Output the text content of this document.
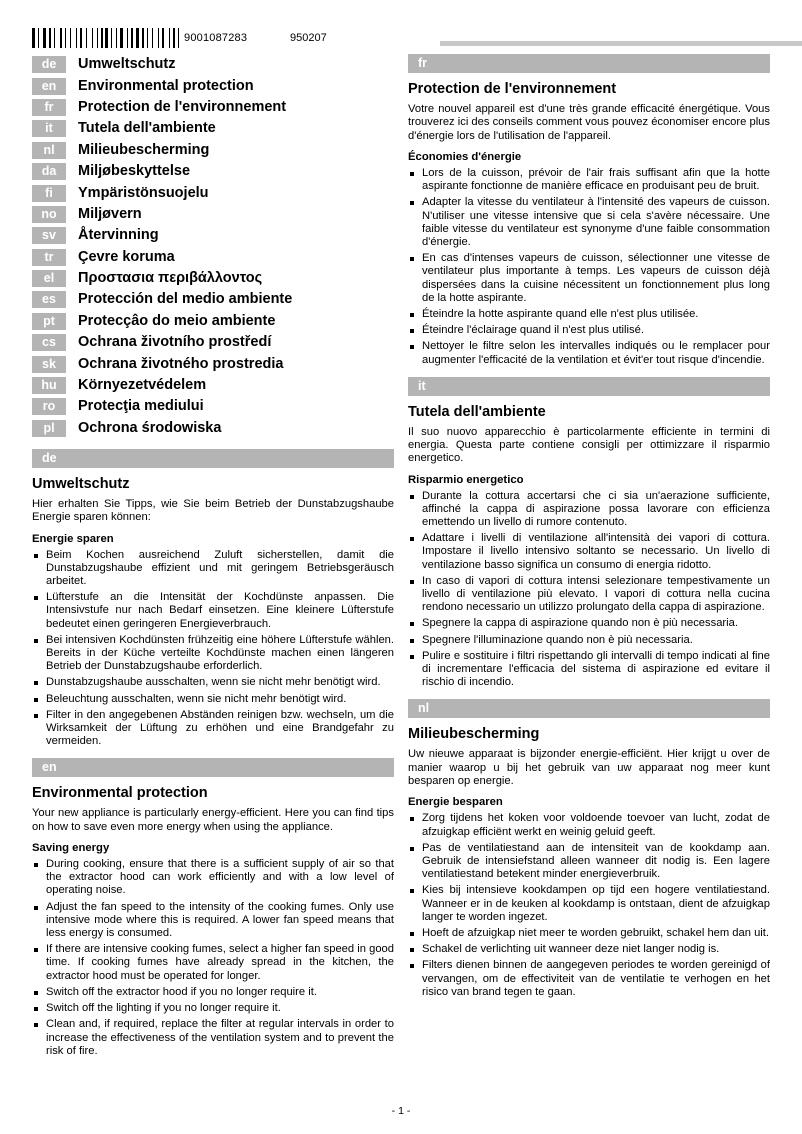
9001087283	950207
de	Umweltschutz
en	Environmental protection
fr	Protection de l'environnement
it	Tutela dell'ambiente
nl	Milieubescherming
da	Miljøbeskyttelse
fi	Ympäristönsuojelu
no	Miljøvern
sv	Återvinning
tr	Çevre koruma
el	Προστασια περιβάλλοντος
es	Protección del medio ambiente
pt	Protecçâo do meio ambiente
cs	Ochrana životního prostředí
sk	Ochrana životného prostredia
hu	Környezetvédelem
ro	Protecţia mediului
pl	Ochrona środowiska
de
Umweltschutz

Hier erhalten Sie Tipps, wie Sie beim Betrieb der Dunstabzugshaube Energie sparen können:

Energie sparen
Beim Kochen ausreichend Zuluft sicherstellen, damit die Dunstabzugshaube effizient und mit geringem Betriebsgeräusch arbeitet.
Lüfterstufe an die Intensität der Kochdünste anpassen. Die Intensivstufe nur nach Bedarf einsetzen. Eine kleinere Lüfterstufe bedeutet einen geringeren Energieverbrauch.
Bei intensiven Kochdünsten frühzeitig eine höhere Lüfterstufe wählen. Bereits in der Küche verteilte Kochdünste machen einen längeren Betrieb der Dunstabzugshaube erforderlich.
Dunstabzugshaube ausschalten, wenn sie nicht mehr benötigt wird.
Beleuchtung ausschalten, wenn sie nicht mehr benötigt wird.
Filter in den angegebenen Abständen reinigen bzw. wechseln, um die Wirksamkeit der Lüftung zu erhöhen und eine Brandgefahr zu vermeiden.
en
Environmental protection

Your new appliance is particularly energy-efficient. Here you can find tips on how to save even more energy when using the appliance.

Saving energy
During cooking, ensure that there is a sufficient supply of air so that the extractor hood can work efficiently and with a low level of operating noise.
Adjust the fan speed to the intensity of the cooking fumes. Only use intensive mode where this is required. A lower fan speed means that less energy is consumed.
If there are intensive cooking fumes, select a higher fan speed in good time. If cooking fumes have already spread in the kitchen, the extractor hood must be operated for longer.
Switch off the extractor hood if you no longer require it.
Switch off the lighting if you no longer require it.
Clean and, if required, replace the filter at regular intervals in order to increase the effectiveness of the ventilation system and to prevent the risk of fire.
fr
Protection de l'environnement

Votre nouvel appareil est d'une très grande efficacité énergétique. Vous trouverez ici des conseils comment vous pouvez économiser encore plus d'énergie lors de l'utilisation de l'appareil.

Économies d'énergie
Lors de la cuisson, prévoir de l'air frais suffisant afin que la hotte aspirante fonctionne de manière efficace en produisant peu de bruit.
Adapter la vitesse du ventilateur à l'intensité des vapeurs de cuisson. N'utiliser une vitesse intensive que si cela s'avère nécessaire. Une faible vitesse du ventilateur est synonyme d'une faible consommation d'énergie.
En cas d'intenses vapeurs de cuisson, sélectionner une vitesse de ventilateur plus importante à temps. Les vapeurs de cuisson déjà dispersées dans la cuisine nécessitent un fonctionnement plus long de la hotte aspirante.
Éteindre la hotte aspirante quand elle n'est plus utilisée.
Éteindre l'éclairage quand il n'est plus utilisé.
Nettoyer le filtre selon les intervalles indiqués ou le remplacer pour augmenter l'efficacité de la ventilation et évit'er tout risque d'incendie.
it
Tutela dell'ambiente

Il suo nuovo apparecchio è particolarmente efficiente in termini di energia. Questa parte contiene consigli per ottimizzare il risparmio energetico.

Risparmio energetico
Durante la cottura accertarsi che ci sia un'aerazione sufficiente, affinché la cappa di aspirazione possa lavorare con efficienza emettendo un livello di rumore contenuto.
Adattare i livelli di ventilazione all'intensità dei vapori di cottura. Impostare il livello intensivo soltanto se necessario. Un livello di ventilazione basso significa un consumo di energia ridotto.
In caso di vapori di cottura intensi selezionare tempestivamente un livello di ventilazione più elevato. I vapori di cottura nella cucina rendono necessario un utilizzo prolungato della cappa di aspirazione.
Spegnere la cappa di aspirazione quando non è più necessaria.
Spegnere l'illuminazione quando non è più necessaria.
Pulire e sostituire i filtri rispettando gli intervalli di tempo indicati al fine di incrementare l'efficacia del sistema di aspirazione ed evitare il rischio di incendio.
nl
Milieubescherming

Uw nieuwe apparaat is bijzonder energie-efficiënt. Hier krijgt u over de manier waarop u bij het gebruik van uw apparaat nog meer kunt besparen op energie.

Energie besparen
Zorg tijdens het koken voor voldoende toevoer van lucht, zodat de afzuigkap efficiënt werkt en weinig geluid geeft.
Pas de ventilatiestand aan de intensiteit van de kookdamp aan. Gebruik de intensiefstand alleen wanneer dit nodig is. Een lagere ventilatiestand betekent minder energieverbruik.
Kies bij intensieve kookdampen op tijd een hogere ventilatiestand. Wanneer er in de keuken al kookdamp is ontstaan, dient de afzuigkap langer te worden ingezet.
Hoeft de afzuigkap niet meer te worden gebruikt, schakel hem dan uit.
Schakel de verlichting uit wanneer deze niet langer nodig is.
Filters dienen binnen de aangegeven periodes te worden gereinigd of vervangen, om de effectiviteit van de ventilatie te verhogen en het risico van brand tegen te gaan.
- 1 -
